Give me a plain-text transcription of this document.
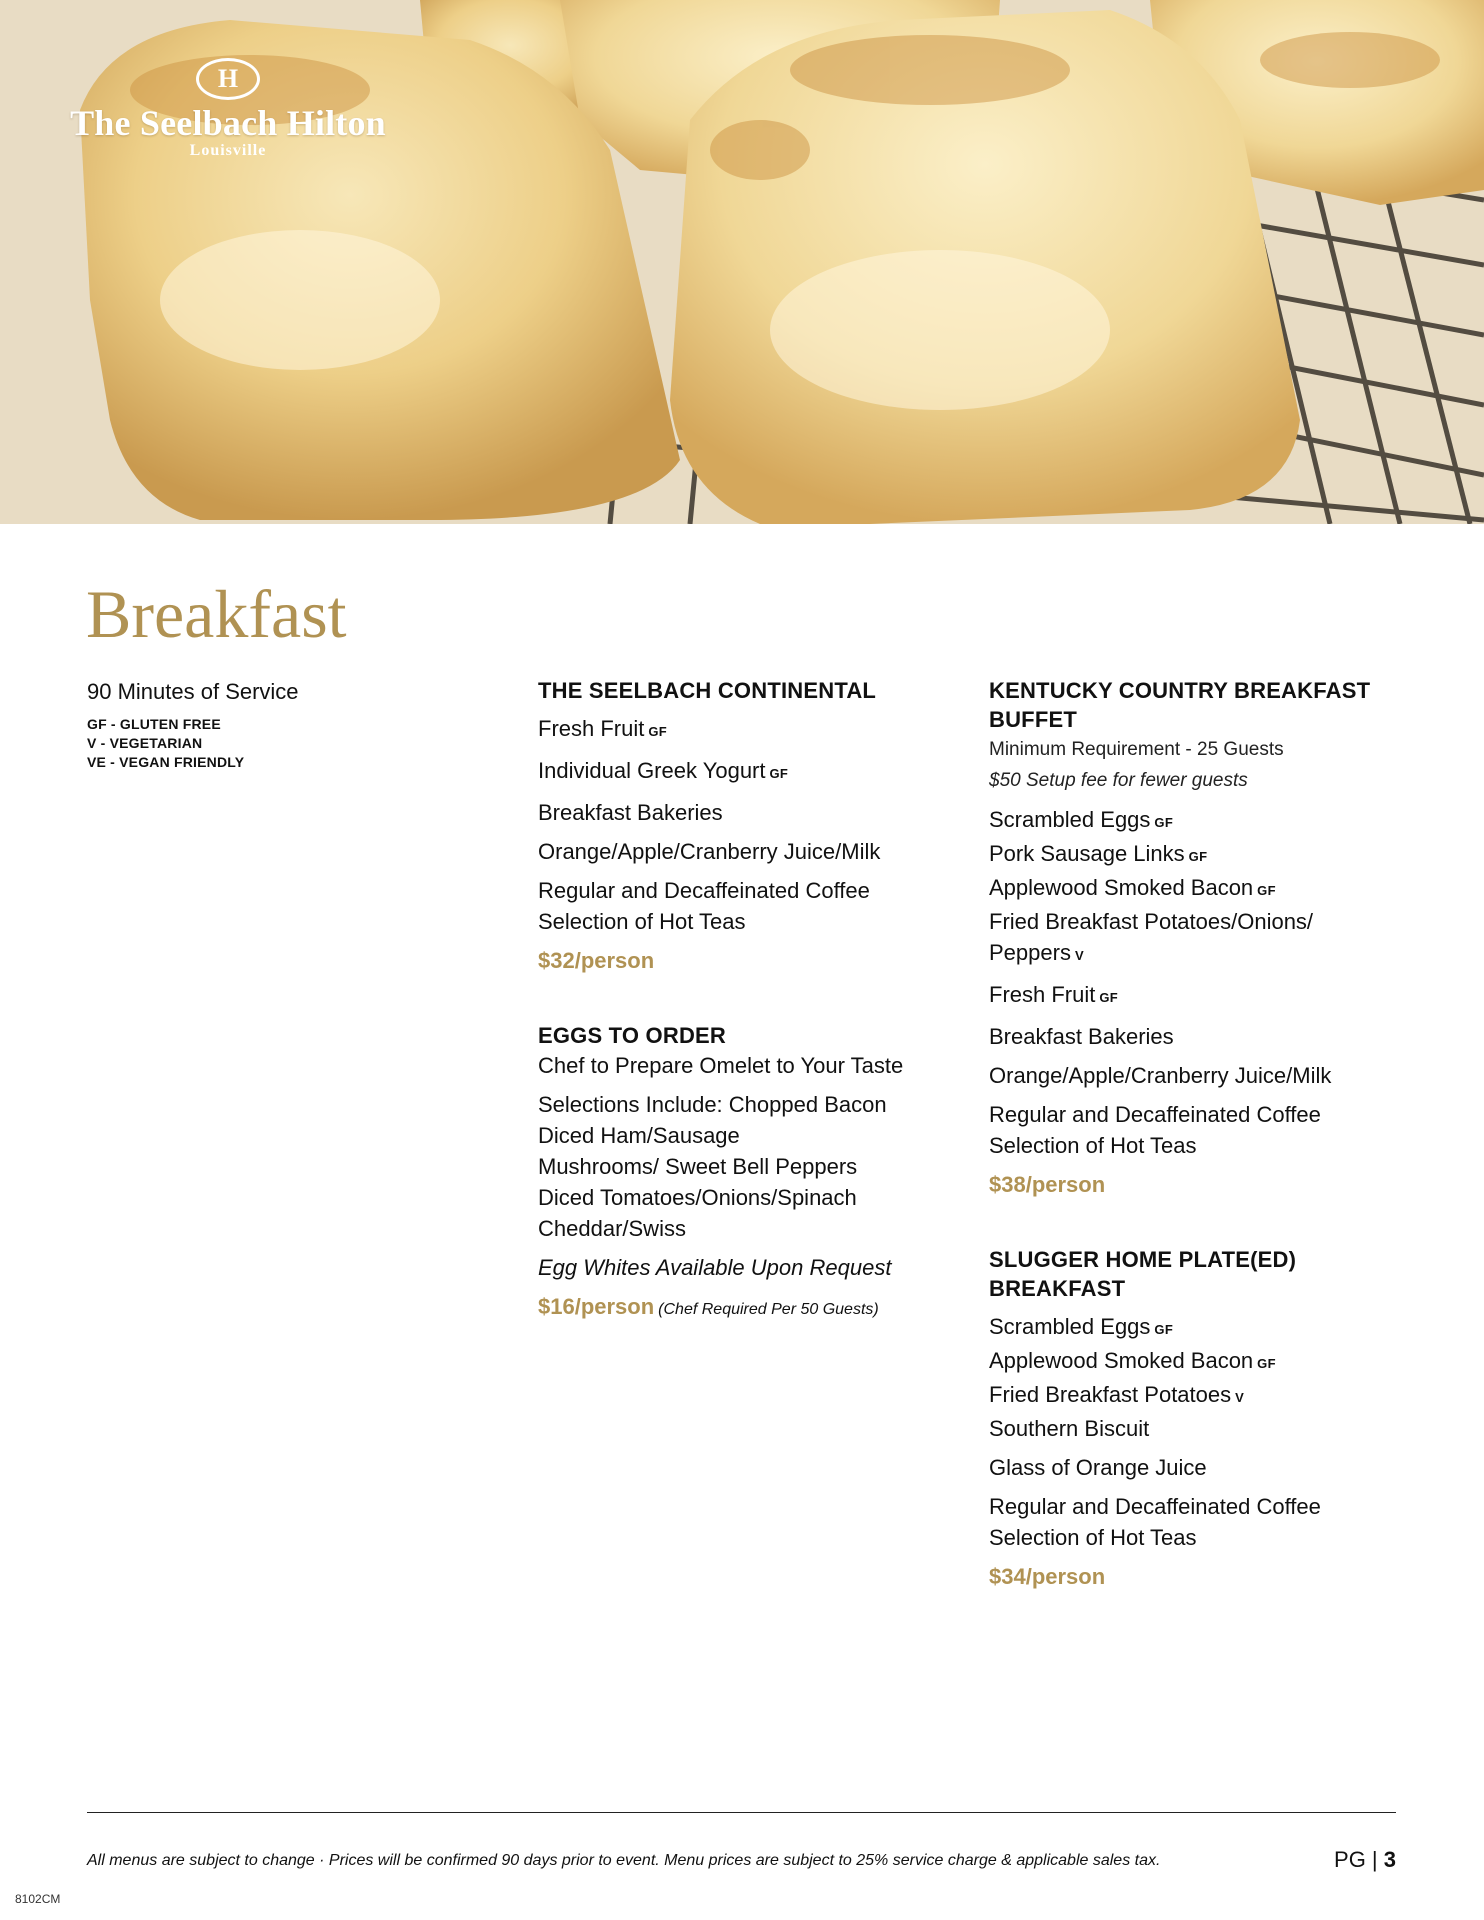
H
The Seelbach Hilton
Louisville
Breakfast
90 Minutes of Service
GF - GLUTEN FREE
V - VEGETARIAN
VE - VEGAN FRIENDLY
THE SEELBACH CONTINENTAL
Fresh Fruit GF
Individual Greek Yogurt GF
Breakfast Bakeries
Orange/Apple/Cranberry Juice/Milk
Regular and Decaffeinated Coffee
Selection of Hot Teas
$32/person
EGGS TO ORDER
Chef to Prepare Omelet to Your Taste
Selections Include: Chopped Bacon
Diced Ham/Sausage
Mushrooms/ Sweet Bell Peppers
Diced Tomatoes/Onions/Spinach
Cheddar/Swiss
Egg Whites Available Upon Request
$16/person (Chef Required Per 50 Guests)
KENTUCKY COUNTRY BREAKFAST
BUFFET
Minimum Requirement - 25 Guests
$50 Setup fee for fewer guests
Scrambled Eggs GF
Pork Sausage Links GF
Applewood Smoked Bacon GF
Fried Breakfast Potatoes/Onions/
Peppers V
Fresh Fruit GF
Breakfast Bakeries
Orange/Apple/Cranberry Juice/Milk
Regular and Decaffeinated Coffee
Selection of Hot Teas
$38/person
SLUGGER HOME PLATE(ED)
BREAKFAST
Scrambled Eggs GF
Applewood Smoked Bacon GF
Fried Breakfast Potatoes V
Southern Biscuit
Glass of Orange Juice
Regular and Decaffeinated Coffee
Selection of Hot Teas
$34/person
All menus are subject to change · Prices will be confirmed 90 days prior to event. Menu prices are subject to 25% service charge & applicable sales tax.	PG | 3
8102CM
